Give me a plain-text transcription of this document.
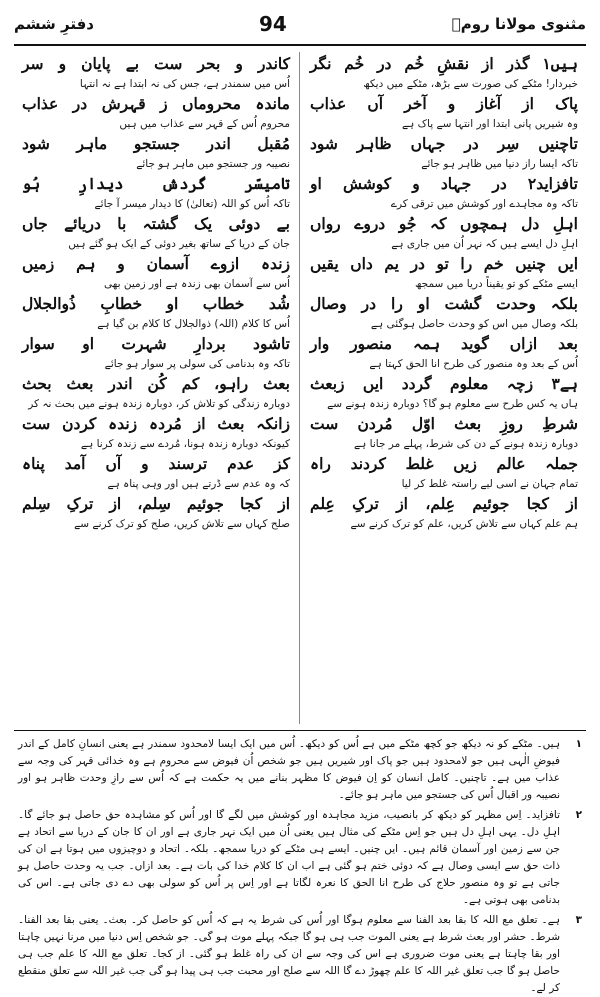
مثنوی مولانا رومؒ
94
دفترِ ششم
ہیں۱ گذر از نقشِ خُم در خُم نگر
خبردار! مٹکے کی صورت سے بڑھ، مٹکے میں دیکھ
پاک از آغاز و آخر آں عذاب
وہ شیریں پانی ابتدا اور انتہا سے پاک ہے
تاچنیں سِر در جہاں ظاہر شود
تاکہ ایسا راز دنیا میں ظاہر ہو جائے
تافزاید۲ در جہاد و کوشش او
تاکہ وہ مجاہدے اور کوشش میں ترقی کرے
اہلِ دل ہمچوں کہ جُو دروے رواں
اہلِ دل ایسے ہیں کہ نہر اُن میں جاری ہے
ایں چنیں خم را تو در یم داں یقیں
ایسے مٹکے کو تو یقیناً دریا میں سمجھ
بلکہ وحدت گشت او را در وصال
بلکہ وصال میں اس کو وحدت حاصل ہوگئی ہے
بعد ازاں گوید ہمہ منصور وار
اُس کے بعد وہ منصور کی طرح انا الحق کہتا ہے
ہے۳ زچہ معلوم گردد ایں زبعث
ہاں یہ کس طرح سے معلوم ہو گا؟ دوبارہ زندہ ہونے سے
شرطِ روزِ بعث اوّل مُردن ست
دوبارہ زندہ ہونے کے دن کی شرط، پہلے مر جانا ہے
جملہ عالم زیں غلط کردند راہ
تمام جہان نے اسی لیے راستہ غلط کر لیا
از کجا جوئیم عِلم، از ترکِ عِلم
ہم علم کہاں سے تلاش کریں، علم کو ترک کرنے سے
کاندر و بحر ست بے پایان و سر
اُس میں سمندر ہے، جس کی نہ ابتدا ہے نہ انتہا
ماندہ محروماں ز قہرش در عذاب
محروم اُس کے قہر سے عذاب میں ہیں
مُقبل اندر جستجو ماہر شود
نصیبہ ور جستجو میں ماہر ہو جائے
تامیسّر گردش دیدارِ ہُو
تاکہ اُس کو اللہ (تعالیٰ) کا دیدار میسر آ جائے
بے دوئی یک گشتہ با دریائے جاں
جان کے دریا کے ساتھ بغیر دوئی کے ایک ہو گئے ہیں
زندہ ازوے آسمان و ہم زمیں
اُس سے آسمان بھی زندہ ہے اور زمین بھی
شُد خطاب او خطابِ ذُوالجلال
اُس کا کلام (اللہ) ذوالجلال کا کلام بن گیا ہے
تاشود بردارِ شہرت او سوار
تاکہ وہ بدنامی کی سولی پر سوار ہو جائے
بعث راہو، کم کُن اندر بعث بحث
دوبارہ زندگی کو تلاش کر، دوبارہ زندہ ہونے میں بحث نہ کر
زانکہ بعث از مُردہ زندہ کردن ست
کیونکہ دوبارہ زندہ ہونا، مُردے سے زندہ کرنا ہے
کز عدم ترسند و آں آمد پناہ
کہ وہ عدم سے ڈرتے ہیں اور وہی پناہ ہے
از کجا جوئیم سِلم، از ترکِ سِلم
صلح کہاں سے تلاش کریں، صلح کو ترک کرنے سے
۱
ہیں۔ مٹکے کو نہ دیکھ جو کچھ مٹکے میں ہے اُس کو دیکھ۔ اُس میں ایک ایسا لامحدود سمندر ہے یعنی انسانِ کامل کے اندر فیوضِ الٰہی ہیں جو لامحدود ہیں جو پاک اور شیریں ہیں جو شخص اُن فیوض سے محروم ہے وہ خدائی قہر کی وجہ سے عذاب میں ہے۔ تاچنیں۔ کامل انسان کو اِن فیوض کا مظہر بنانے میں یہ حکمت ہے کہ اُس سے رازِ وحدت ظاہر ہو اور نصیبہ ور اقبال اُس کی جستجو میں ماہر ہو جائے۔
۲
تافزاید۔ اِس مظہر کو دیکھ کر بانصیب، مزید مجاہدہ اور کوشش میں لگے گا اور اُس کو مشاہدہ حق حاصل ہو جائے گا۔ اہلِ دل۔ یہی اہلِ دل ہیں جو اِس مٹکے کی مثال ہیں یعنی اُن میں ایک نہر جاری ہے اور ان کا جان کے دریا سے اتحاد ہے جن سے زمین اور آسمان قائم ہیں۔ ایں چنیں۔ ایسے ہی مٹکے کو دریا سمجھ۔ بلکہ۔ اتحاد و دوچیزوں میں ہوتا ہے ان کی ذات حق سے ایسی وصال ہے کہ دوئی ختم ہو گئی ہے اب ان کا کلام خدا کی بات ہے۔ بعد ازاں۔ جب یہ وحدت حاصل ہو جاتی ہے تو وہ منصور حلاج کی طرح انا الحق کا نعرہ لگاتا ہے اور اِس پر اُس کو سولی بھی دے دی جاتی ہے۔ اس کی بدنامی بھی ہوتی ہے۔
۳
ہے۔ تعلق مع اللہ کا بقا بعد الفنا سے معلوم ہوگا اور اُس کی شرط یہ ہے کہ اُس کو حاصل کر۔ بعث۔ یعنی بقا بعد الفنا۔ شرط۔ حشر اور بعث شرط ہے یعنی الموت جب ہی ہو گا جبکہ پہلے موت ہو گی۔ جو شخص اِس دنیا میں مرنا نہیں چاہتا اور بقا چاہتا ہے یعنی موت ضروری ہے اس کی وجہ سے ان کی راہ غلط ہو گئی۔ از کجا۔ تعلق مع اللہ کا علم جب ہی حاصل ہو گا جب تعلق غیر اللہ کا علم چھوڑ دے گا اللہ سے صلح اور محبت جب ہی پیدا ہو گی جب غیر اللہ سے تعلق منقطع کر لے۔
